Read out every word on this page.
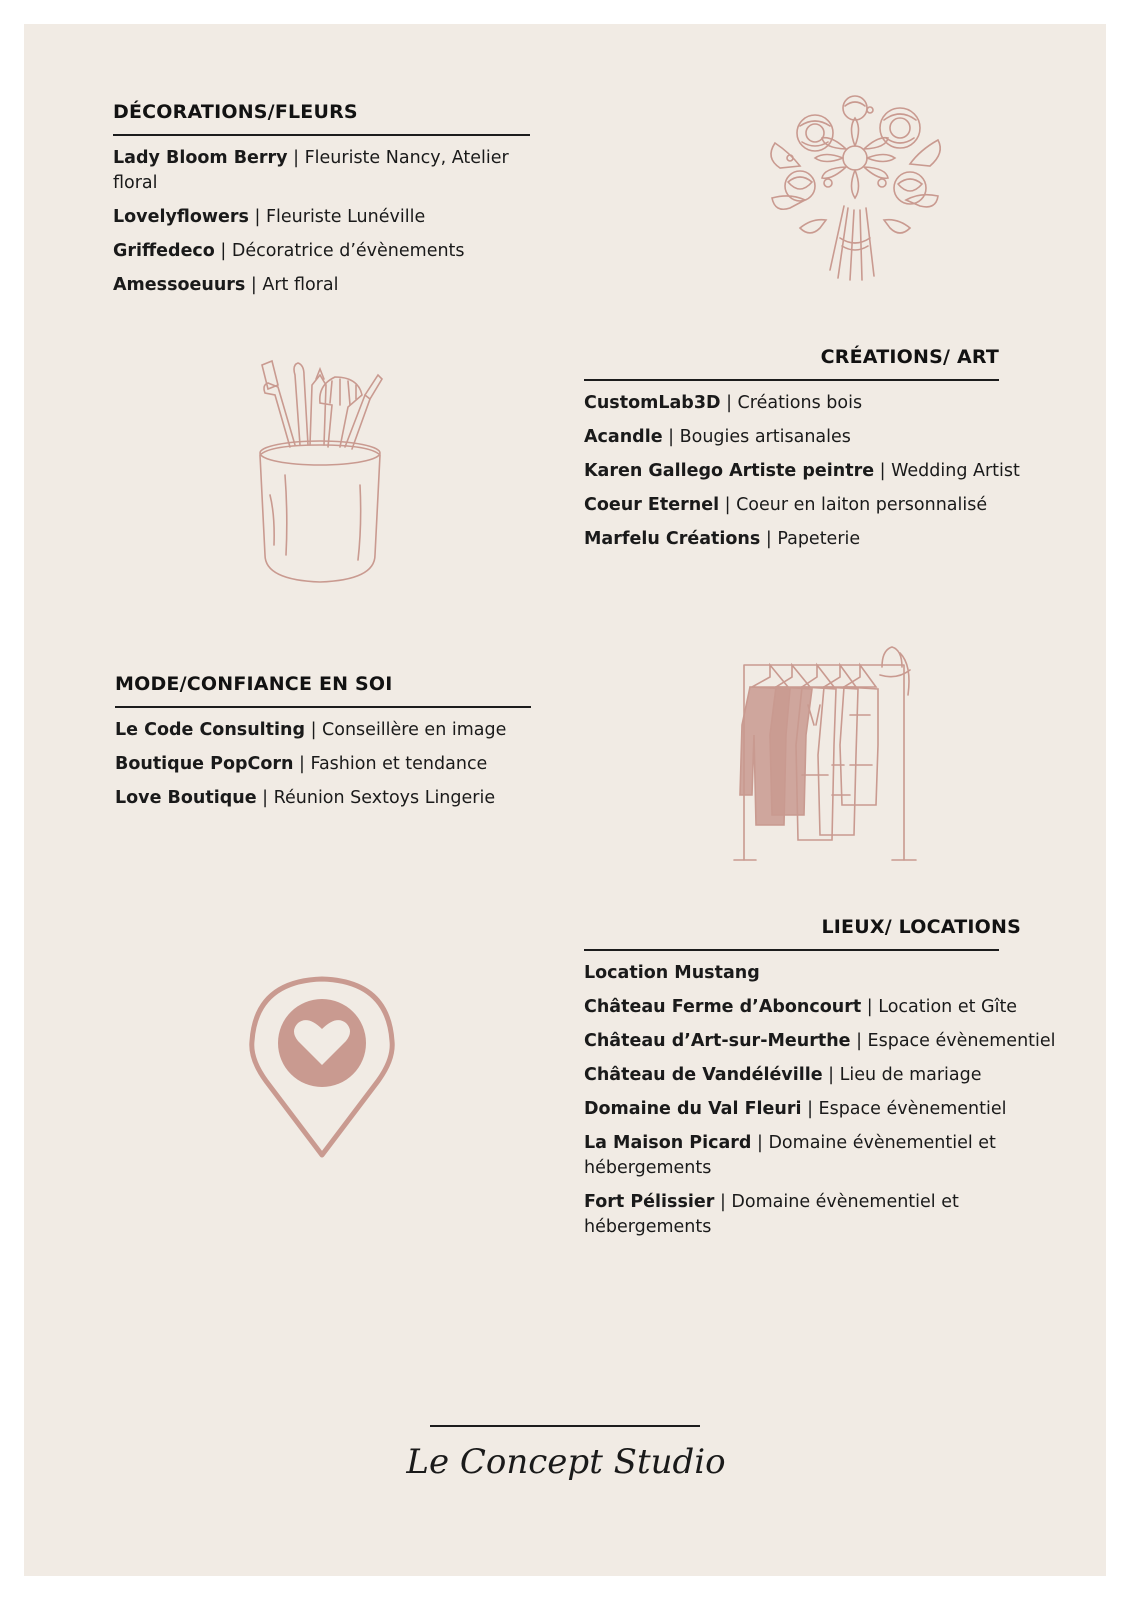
DÉCORATIONS/FLEURS

Lady Bloom Berry | Fleuriste Nancy, Atelier floral

Lovelyflowers | Fleuriste Lunéville

Griffedeco | Décoratrice d’évènements

Amessoeuurs | Art floral

CRÉATIONS/ ART

CustomLab3D | Créations bois

Acandle | Bougies artisanales

Karen Gallego Artiste peintre | Wedding Artist

Coeur Eternel | Coeur en laiton personnalisé

Marfelu Créations | Papeterie

MODE/CONFIANCE EN SOI

Le Code Consulting | Conseillère en image

Boutique PopCorn | Fashion et tendance

Love Boutique | Réunion Sextoys Lingerie

LIEUX/ LOCATIONS

Location Mustang

Château Ferme d’Aboncourt | Location et Gîte

Château d’Art-sur-Meurthe | Espace évènementiel

Château de Vandéléville | Lieu de mariage

Domaine du Val Fleuri | Espace évènementiel

La Maison Picard | Domaine évènementiel et hébergements

Fort Pélissier | Domaine évènementiel et hébergements

Le Concept Studio
